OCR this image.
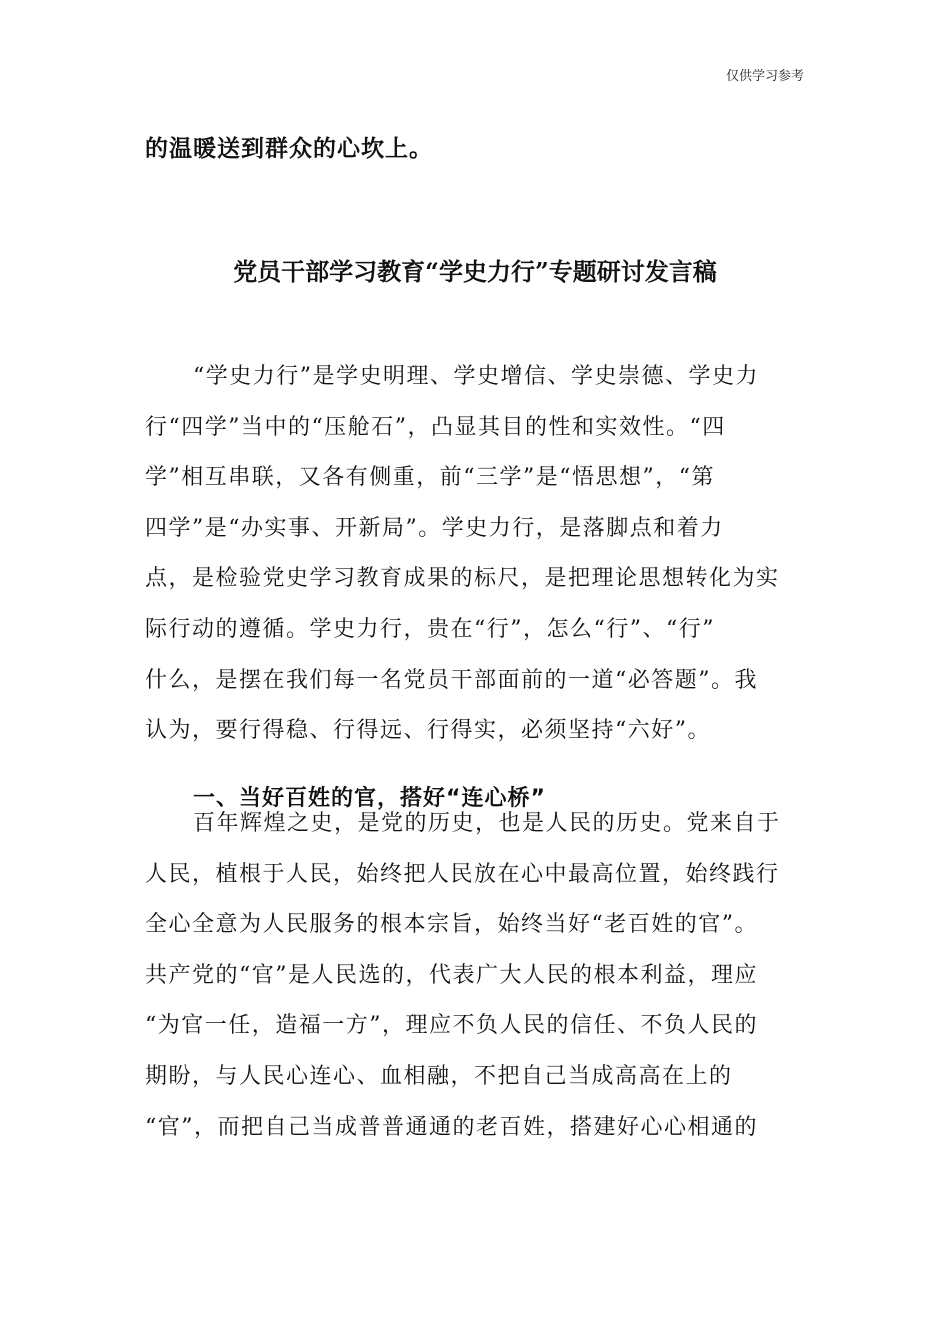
仅供学习参考
的温暖送到群众的心坎上。
党员干部学习教育“学史力行”专题研讨发言稿
“学史力行”是学史明理、学史增信、学史崇德、学史力
行“四学”当中的“压舱石”，凸显其目的性和实效性。“四
学”相互串联，又各有侧重，前“三学”是“悟思想”，“第
四学”是“办实事、开新局”。学史力行，是落脚点和着力
点，是检验党史学习教育成果的标尺，是把理论思想转化为实
际行动的遵循。学史力行，贵在“行”，怎么“行”、“行”
什么，是摆在我们每一名党员干部面前的一道“必答题”。我
认为，要行得稳、行得远、行得实，必须坚持“六好”。
一、当好百姓的官，搭好“连心桥”
百年辉煌之史，是党的历史，也是人民的历史。党来自于
人民，植根于人民，始终把人民放在心中最高位置，始终践行
全心全意为人民服务的根本宗旨，始终当好“老百姓的官”。
共产党的“官”是人民选的，代表广大人民的根本利益，理应
“为官一任，造福一方”，理应不负人民的信任、不负人民的
期盼，与人民心连心、血相融，不把自己当成高高在上的
“官”，而把自己当成普普通通的老百姓，搭建好心心相通的
